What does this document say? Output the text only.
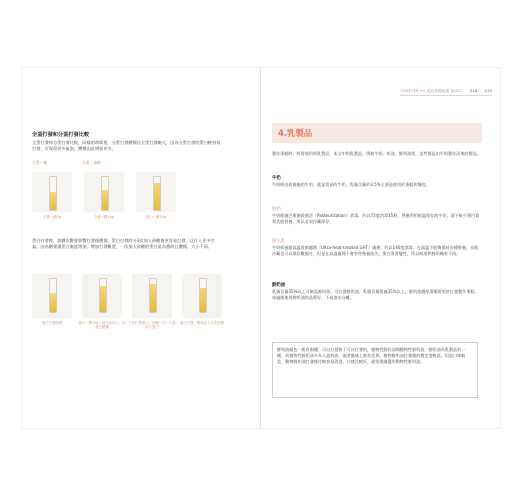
全蛋打發和分蛋打發比較
全蛋打發和分蛋打發比較，同樣的時間裡，分蛋打發體積比全蛋打發略大，因為分蛋打發的蛋白較容易打發，可保留更多氣泡，體積因此增加更多。
全蛋＋糖	分蛋＋加糖
全蛋＋糖5g	全蛋＋糖10g	蛋白＋糖10g
蛋白打發時，加糖次數會影響打發後體積。蛋白打發時分3次加入砂糖會更容易打發，且打入更多空氣。因為糖會讓蛋白黏度增加，增加打發難度，一次加入砂糖的蛋白最為費時且體積，大小不同。
蛋白打發體積	蛋白＋糖10g（同分次加入）的蛋白體積
不加打發蛋白，砂糖一次一口氣加入蛋白
蛋白打發，開始加入分次砂糖
CHAPTER 04 烘焙基礎知識 BASIC 018 019
4.乳製品
製作蛋糕時，經常使用到乳製品，本文中的乳製品，例如牛奶、奶油、鮮奶油等，這些都是由牛奶製作而來的製品。
牛奶
牛奶經由殺菌過的牛奶，就是常見的牛奶，乳脂含量約3.5%主要是使用於蛋糕和麵包。
鮮奶
牛奶經過巴斯德殺菌法（Pasteurization）消毒，約以72度消毒15秒，然後利用低溫保存的牛奶，留下較少蛋白質和其他營養，所以必須冷藏保存。
保久乳
牛奶經過超高溫殺菌處理（Ultra-heat-treated UHT）處理，約以140度消毒，在高溫下能夠保持各種營養，未經冷藏也可以保存數個月，但是在高溫處理下會有些營養流失，蛋白質會變性，所以味道和鮮奶略有不同。
鮮奶油
乳脂含量35%以上可稱爲鮮奶油，可打發鮮奶油，乳脂含量超過35%以上，鮮奶油濃厚滑順常用於打發製作蛋糕，冰過後使用鮮奶油的品質好，不易油水分離。
鮮奶油顏色一般有兩種：可以打發和不可以打發的，植物性鮮奶油與動物性鮮奶油，鮮奶油為乳製品的一種，而植物性鮮奶油多為人造奶油，兩者風味上都有差異。植物鮮奶油打發後的穩定度較高，但是口味較差，動物鮮奶油打發後比較容易消泡，口感比較好，通常建議選用動物性鮮奶油。
